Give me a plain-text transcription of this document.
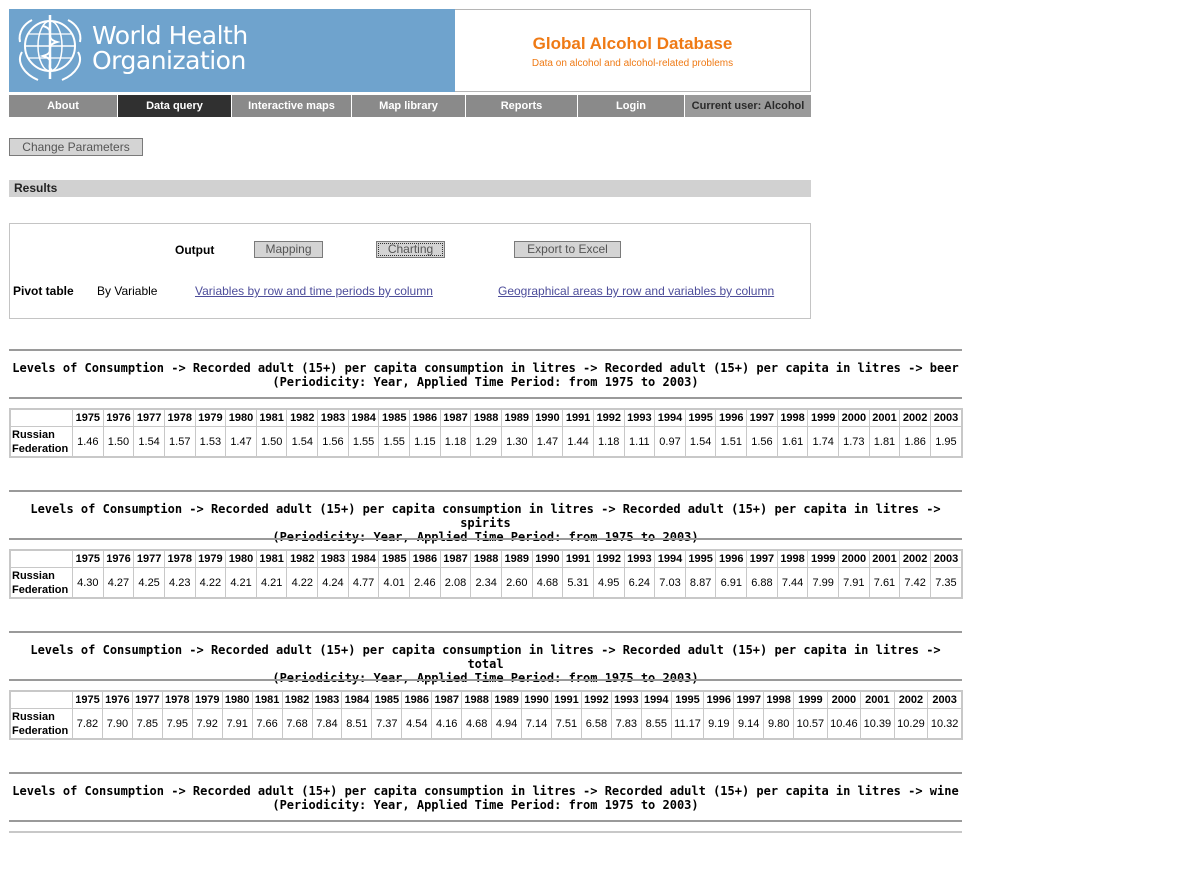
World Health
Organization
Global Alcohol Database
Data on alcohol and alcohol-related problems
About	Data query	Interactive maps	Map library	Reports	Login	Current user: Alcohol
Change Parameters
Results
Output	Mapping	Charting	Export to Excel
Pivot table By Variable	Variables by row and time periods by column	Geographical areas by row and variables by column
Levels of Consumption -> Recorded adult (15+) per capita consumption in litres -> Recorded adult (15+) per capita in litres -> beer
(Periodicity: Year, Applied Time Period: from 1975 to 2003)
	1975	1976	1977	1978	1979	1980	1981	1982	1983	1984	1985	1986	1987	1988	1989	1990	1991	1992	1993	1994	1995	1996	1997	1998	1999	2000	2001	2002	2003
Russian Federation	1.46	1.50	1.54	1.57	1.53	1.47	1.50	1.54	1.56	1.55	1.55	1.15	1.18	1.29	1.30	1.47	1.44	1.18	1.11	0.97	1.54	1.51	1.56	1.61	1.74	1.73	1.81	1.86	1.95
Levels of Consumption -> Recorded adult (15+) per capita consumption in litres -> Recorded adult (15+) per capita in litres -> spirits
(Periodicity: Year, Applied Time Period: from 1975 to 2003)
	1975	1976	1977	1978	1979	1980	1981	1982	1983	1984	1985	1986	1987	1988	1989	1990	1991	1992	1993	1994	1995	1996	1997	1998	1999	2000	2001	2002	2003
Russian Federation	4.30	4.27	4.25	4.23	4.22	4.21	4.21	4.22	4.24	4.77	4.01	2.46	2.08	2.34	2.60	4.68	5.31	4.95	6.24	7.03	8.87	6.91	6.88	7.44	7.99	7.91	7.61	7.42	7.35
Levels of Consumption -> Recorded adult (15+) per capita consumption in litres -> Recorded adult (15+) per capita in litres -> total
(Periodicity: Year, Applied Time Period: from 1975 to 2003)
	1975	1976	1977	1978	1979	1980	1981	1982	1983	1984	1985	1986	1987	1988	1989	1990	1991	1992	1993	1994	1995	1996	1997	1998	1999	2000	2001	2002	2003
Russian Federation	7.82	7.90	7.85	7.95	7.92	7.91	7.66	7.68	7.84	8.51	7.37	4.54	4.16	4.68	4.94	7.14	7.51	6.58	7.83	8.55	11.17	9.19	9.14	9.80	10.57	10.46	10.39	10.29	10.32
Levels of Consumption -> Recorded adult (15+) per capita consumption in litres -> Recorded adult (15+) per capita in litres -> wine
(Periodicity: Year, Applied Time Period: from 1975 to 2003)
